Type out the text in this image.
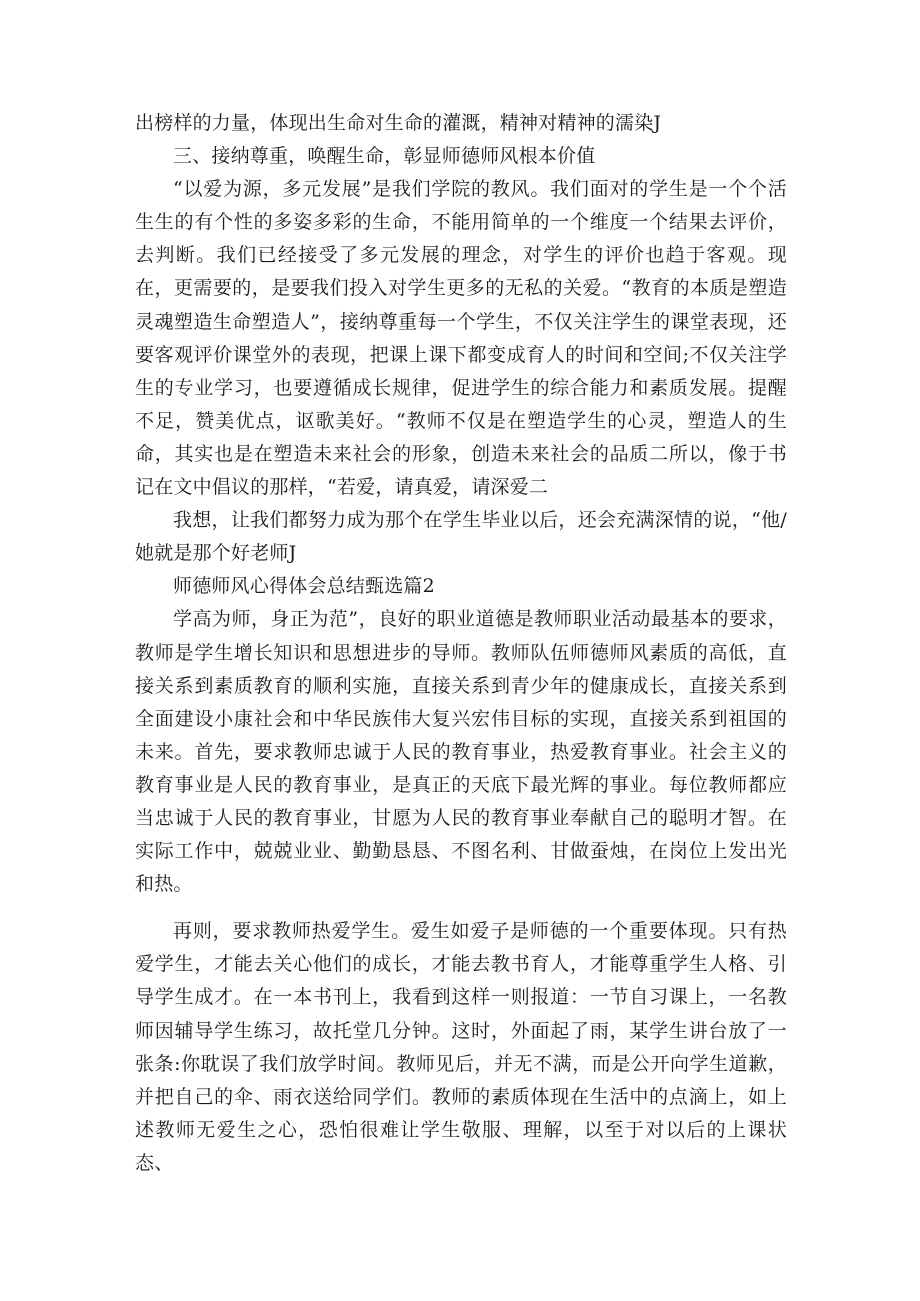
出榜样的力量，体现出生命对生命的灌溉，精神对精神的濡染J

三、接纳尊重，唤醒生命，彰显师德师风根本价值

“以爱为源，多元发展”是我们学院的教风。我们面对的学生是一个个活生生的有个性的多姿多彩的生命，不能用简单的一个维度一个结果去评价，去判断。我们已经接受了多元发展的理念，对学生的评价也趋于客观。现在，更需要的，是要我们投入对学生更多的无私的关爱。“教育的本质是塑造灵魂塑造生命塑造人”，接纳尊重每一个学生，不仅关注学生的课堂表现，还要客观评价课堂外的表现，把课上课下都变成育人的时间和空间;不仅关注学生的专业学习，也要遵循成长规律，促进学生的综合能力和素质发展。提醒不足，赞美优点，讴歌美好。“教师不仅是在塑造学生的心灵，塑造人的生命，其实也是在塑造未来社会的形象，创造未来社会的品质二所以，像于书记在文中倡议的那样，“若爱，请真爱，请深爱二

我想，让我们都努力成为那个在学生毕业以后，还会充满深情的说，“他/她就是那个好老师J

师德师风心得体会总结甄选篇2

学高为师，身正为范”，良好的职业道德是教师职业活动最基本的要求，教师是学生增长知识和思想进步的导师。教师队伍师德师风素质的高低，直接关系到素质教育的顺利实施，直接关系到青少年的健康成长，直接关系到全面建设小康社会和中华民族伟大复兴宏伟目标的实现，直接关系到祖国的未来。首先，要求教师忠诚于人民的教育事业，热爱教育事业。社会主义的教育事业是人民的教育事业，是真正的天底下最光辉的事业。每位教师都应当忠诚于人民的教育事业，甘愿为人民的教育事业奉献自己的聪明才智。在实际工作中，兢兢业业、勤勤恳恳、不图名利、甘做蚕烛，在岗位上发出光和热。

再则，要求教师热爱学生。爱生如爱子是师德的一个重要体现。只有热爱学生，才能去关心他们的成长，才能去教书育人，才能尊重学生人格、引导学生成才。在一本书刊上，我看到这样一则报道：一节自习课上，一名教师因辅导学生练习，故托堂几分钟。这时，外面起了雨，某学生讲台放了一张条:你耽误了我们放学时间。教师见后，并无不满，而是公开向学生道歉，并把自己的伞、雨衣送给同学们。教师的素质体现在生活中的点滴上，如上述教师无爱生之心，恐怕很难让学生敬服、理解，以至于对以后的上课状态、
